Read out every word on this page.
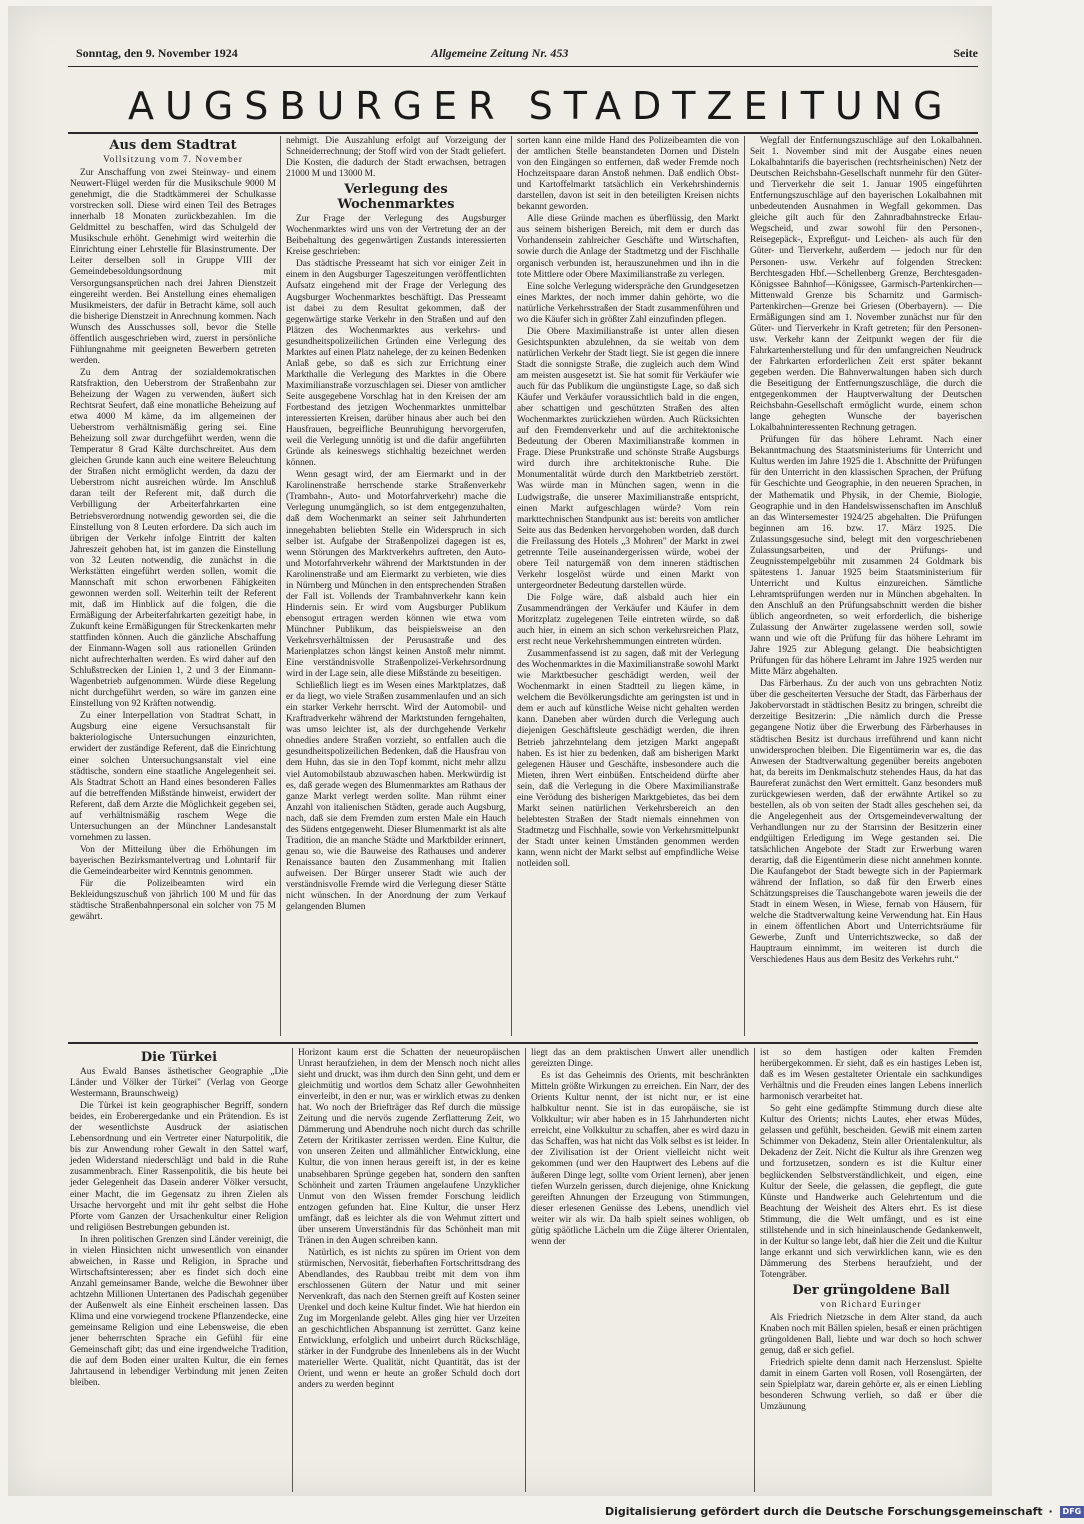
Sonntag, den 9. November 1924	Allgemeine Zeitung Nr. 453	Seite
AUGSBURGER STADTZEITUNG
Aus dem Stadtrat
Vollsitzung vom 7. November

Zur Anschaffung von zwei Steinway- und einem Neuwert-Flügel werden für die Musikschule 9000 M genehmigt, die die Stadtkämmerei der Schulkasse vorstrecken soll. Diese wird einen Teil des Betrages innerhalb 18 Monaten zurückbezahlen. Im die Geldmittel zu beschaffen, wird das Schulgeld der Musikschule erhöht. Genehmigt wird weiterhin die Einrichtung einer Lehrstelle für Blasinstrumente. Der Leiter derselben soll in Gruppe VIII der Gemeindebesoldungsordnung mit Versorgungsansprüchen nach drei Jahren Dienstzeit eingereiht werden. Bei Anstellung eines ehemaligen Musikmeisters, der dafür in Betracht käme, soll auch die bisherige Dienstzeit in Anrechnung kommen. Nach Wunsch des Ausschusses soll, bevor die Stelle öffentlich ausgeschrieben wird, zuerst in persönliche Fühlungnahme mit geeigneten Bewerbern getreten werden.

Zu dem Antrag der sozialdemokratischen Ratsfraktion, den Ueberstrom der Straßenbahn zur Beheizung der Wagen zu verwenden, äußert sich Rechtsrat Seufert, daß eine monatliche Beheizung auf etwa 4000 M käme, da im allgemeinen der Ueberstrom verhältnismäßig gering sei. Eine Beheizung soll zwar durchgeführt werden, wenn die Temperatur 8 Grad Kälte durchschreitet. Aus dem gleichen Grunde kann auch eine weitere Beleuchtung der Straßen nicht ermöglicht werden, da dazu der Ueberstrom nicht ausreichen würde. Im Anschluß daran teilt der Referent mit, daß durch die Verbilligung der Arbeiterfahrkarten eine Betriebsverordnung notwendig geworden sei, die die Einstellung von 8 Leuten erfordere. Da sich auch im übrigen der Verkehr infolge Eintritt der kalten Jahreszeit gehoben hat, ist im ganzen die Einstellung von 32 Leuten notwendig, die zunächst in die Werkstätten eingeführt werden sollen, womit die Mannschaft mit schon erworbenen Fähigkeiten gewonnen werden soll. Weiterhin teilt der Referent mit, daß im Hinblick auf die folgen, die die Ermäßigung der Arbeiterfahrkarten gezeitigt habe, in Zukunft keine Ermäßigungen für Streckenkarten mehr stattfinden können. Auch die gänzliche Abschaffung der Einmann-Wagen soll aus rationellen Gründen nicht aufrechterhalten werden. Es wird daher auf den Schlußstrecken der Linien 1, 2 und 3 der Einmann-Wagenbetrieb aufgenommen. Würde diese Regelung nicht durchgeführt werden, so wäre im ganzen eine Einstellung von 92 Kräften notwendig.

Zu einer Interpellation von Stadtrat Schatt, in Augsburg eine eigene Versuchsanstalt für bakteriologische Untersuchungen einzurichten, erwidert der zuständige Referent, daß die Einrichtung einer solchen Untersuchungsanstalt viel eine städtische, sondern eine staatliche Angelegenheit sei. Als Stadtrat Schott an Hand eines besonderen Falles auf die betreffenden Mißstände hinweist, erwidert der Referent, daß dem Arzte die Möglichkeit gegeben sei, auf verhältnismäßig raschem Wege die Untersuchungen an der Münchner Landesanstalt vornehmen zu lassen.

Von der Mitteilung über die Erhöhungen im bayerischen Bezirksmantelvertrag und Lohntarif für die Gemeindearbeiter wird Kenntnis genommen.

Für die Polizeibeamten wird ein Bekleidungszuschuß von jährlich 100 M und für das städtische Straßenbahnpersonal ein solcher von 75 M gewährt.

nehmigt. Die Auszahlung erfolgt auf Vorzeigung der Schneiderrechnung; der Stoff wird von der Stadt geliefert. Die Kosten, die dadurch der Stadt erwachsen, betragen 21000 M und 13000 M.

Verlegung des Wochenmarktes

Zur Frage der Verlegung des Augsburger Wochenmarktes wird uns von der Vertretung der an der Beibehaltung des gegenwärtigen Zustands interessierten Kreise geschrieben:

Das städtische Presseamt hat sich vor einiger Zeit in einem in den Augsburger Tageszeitungen veröffentlichten Aufsatz eingehend mit der Frage der Verlegung des Augsburger Wochenmarktes beschäftigt. Das Presseamt ist dabei zu dem Resultat gekommen, daß der gegenwärtige starke Verkehr in den Straßen und auf den Plätzen des Wochenmarktes aus verkehrs- und gesundheitspolizeilichen Gründen eine Verlegung des Marktes auf einen Platz nahelege, der zu keinen Bedenken Anlaß gebe, so daß es sich zur Errichtung einer Markthalle die Verlegung des Marktes in die Obere Maximilianstraße vorzuschlagen sei. Dieser von amtlicher Seite ausgegebene Vorschlag hat in den Kreisen der am Fortbestand des jetzigen Wochenmarktes unmittelbar interessierten Kreisen, darüber hinaus aber auch bei den Hausfrauen, begreifliche Beunruhigung hervorgerufen, weil die Verlegung unnötig ist und die dafür angeführten Gründe als keineswegs stichhaltig bezeichnet werden können.

Wenn gesagt wird, der am Eiermarkt und in der Karolinenstraße herrschende starke Straßenverkehr (Trambahn-, Auto- und Motorfahrverkehr) mache die Verlegung unumgänglich, so ist dem entgegenzuhalten, daß dem Wochenmarkt an seiner seit Jahrhunderten innegehabten beliebten Stelle ein Widerspruch in sich selber ist. Aufgabe der Straßenpolizei dagegen ist es, wenn Störungen des Marktverkehrs auftreten, den Auto- und Motorfahrverkehr während der Marktstunden in der Karolinenstraße und am Eiermarkt zu verbieten, wie dies in Nürnberg und München in den entsprechenden Straßen der Fall ist. Vollends der Trambahnverkehr kann kein Hindernis sein. Er wird vom Augsburger Publikum ebensogut ertragen werden können wie etwa vom Münchner Publikum, das beispielsweise an den Verkehrsverhältnissen der Perusastraße und des Marienplatzes schon längst keinen Anstoß mehr nimmt. Eine verständnisvolle Straßenpolizei-Verkehrsordnung wird in der Lage sein, alle diese Mißstände zu beseitigen.

Schließlich liegt es im Wesen eines Marktplatzes, daß er da liegt, wo viele Straßen zusammenlaufen und an sich ein starker Verkehr herrscht. Wird der Automobil- und Kraftradverkehr während der Marktstunden ferngehalten, was umso leichter ist, als der durchgehende Verkehr ohnedies andere Straßen vorzieht, so entfallen auch die gesundheitspolizeilichen Bedenken, daß die Hausfrau von dem Huhn, das sie in den Topf kommt, nicht mehr allzu viel Automobilstaub abzuwaschen haben. Merkwürdig ist es, daß gerade wegen des Blumenmarktes am Rathaus der ganze Markt verlegt werden sollte. Man rühmt einer Anzahl von italienischen Städten, gerade auch Augsburg, nach, daß sie dem Fremden zum ersten Male ein Hauch des Südens entgegenweht. Dieser Blumenmarkt ist als alte Tradition, die an manche Städte und Marktbilder erinnert, genau so, wie die Bauweise des Rathauses und anderer Renaissance bauten den Zusammenhang mit Italien aufweisen. Der Bürger unserer Stadt wie auch der verständnisvolle Fremde wird die Verlegung dieser Stätte nicht wünschen. In der Anordnung der zum Verkauf gelangenden Blumen

sorten kann eine milde Hand des Polizeibeamten die von der amtlichen Stelle beanstandeten Dornen und Disteln von den Eingängen so entfernen, daß weder Fremde noch Hochzeitspaare daran Anstoß nehmen. Daß endlich Obst- und Kartoffelmarkt tatsächlich ein Verkehrshindernis darstellen, davon ist seit in den beteiligten Kreisen nichts bekannt geworden.

Alle diese Gründe machen es überflüssig, den Markt aus seinem bisherigen Bereich, mit dem er durch das Vorhandensein zahlreicher Geschäfte und Wirtschaften, sowie durch die Anlage der Stadtmetzg und der Fischhalle organisch verbunden ist, herauszunehmen und ihn in die tote Mittlere oder Obere Maximilianstraße zu verlegen.

Eine solche Verlegung widerspräche den Grundgesetzen eines Marktes, der noch immer dahin gehörte, wo die natürliche Verkehrsstraßen der Stadt zusammenführen und wo die Käufer sich in größter Zahl einzufinden pflegen.

Die Obere Maximilianstraße ist unter allen diesen Gesichtspunkten abzulehnen, da sie weitab von dem natürlichen Verkehr der Stadt liegt. Sie ist gegen die innere Stadt die sonnigste Straße, die zugleich auch dem Wind am meisten ausgesetzt ist. Sie hat somit für Verkäufer wie auch für das Publikum die ungünstigste Lage, so daß sich Käufer und Verkäufer voraussichtlich bald in die engen, aber schattigen und geschützten Straßen des alten Wochenmarktes zurückziehen würden. Auch Rücksichten auf den Fremdenverkehr und auf die architektonische Bedeutung der Oberen Maximilianstraße kommen in Frage. Diese Prunkstraße und schönste Straße Augsburgs wird durch ihre architektonische Ruhe. Die Monumentalität würde durch den Marktbetrieb zerstört. Was würde man in München sagen, wenn in die Ludwigstraße, die unserer Maximilianstraße entspricht, einen Markt aufgeschlagen würde? Vom rein markttechnischen Standpunkt aus ist: bereits von amtlicher Seite aus das Bedenken hervorgehoben worden, daß durch die Freilassung des Hotels „3 Mohren" der Markt in zwei getrennte Teile auseinandergerissen würde, wobei der obere Teil naturgemäß von dem inneren städtischen Verkehr losgelöst würde und einen Markt von untergeordneter Bedeutung darstellen würde.

Die Folge wäre, daß alsbald auch hier ein Zusammendrängen der Verkäufer und Käufer in dem Moritzplatz zugelegenen Teile eintreten würde, so daß auch hier, in einem an sich schon verkehrsreichen Platz, erst recht neue Verkehrshemmungen eintreten würden.

Zusammenfassend ist zu sagen, daß mit der Verlegung des Wochenmarktes in die Maximilianstraße sowohl Markt wie Marktbesucher geschädigt werden, weil der Wochenmarkt in einen Stadtteil zu liegen käme, in welchem die Bevölkerungsdichte am geringsten ist und in dem er auch auf künstliche Weise nicht gehalten werden kann. Daneben aber würden durch die Verlegung auch diejenigen Geschäftsleute geschädigt werden, die ihren Betrieb jahrzehntelang dem jetzigen Markt angepaßt haben. Es ist hier zu bedenken, daß am bisherigen Markt gelegenen Häuser und Geschäfte, insbesondere auch die Mieten, ihren Wert einbüßen. Entscheidend dürfte aber sein, daß die Verlegung in die Obere Maximilianstraße eine Verödung des bisherigen Marktgebietes, das bei dem Markt seinen natürlichen Verkehrsbereich an den belebtesten Straßen der Stadt niemals einnehmen von Stadtmetzg und Fischhalle, sowie von Verkehrsmittelpunkt der Stadt unter keinen Umständen genommen werden kann, wenn nicht der Markt selbst auf empfindliche Weise notleiden soll.

Wegfall der Entfernungszuschläge auf den Lokalbahnen. Seit 1. November sind mit der Ausgabe eines neuen Lokalbahntarifs die bayerischen (rechtsrheinischen) Netz der Deutschen Reichsbahn-Gesellschaft nunmehr für den Güter- und Tierverkehr die seit 1. Januar 1905 eingeführten Entfernungszuschläge auf den bayerischen Lokalbahnen mit unbedeutenden Ausnahmen in Wegfall gekommen. Das gleiche gilt auch für den Zahnradbahnstrecke Erlau-Wegscheid, und zwar sowohl für den Personen-, Reisegepäck-, Expreßgut- und Leichen- als auch für den Güter- und Tierverkehr, außerdem — jedoch nur für den Personen- usw. Verkehr auf folgenden Strecken: Berchtesgaden Hbf.—Schellenberg Grenze, Berchtesgaden-Königssee Bahnhof—Königssee, Garmisch-Partenkirchen—Mittenwald Grenze bis Scharnitz und Garmisch-Partenkirchen—Grenze bei Griesen (Oberbayern). — Die Ermäßigungen sind am 1. November zunächst nur für den Güter- und Tierverkehr in Kraft getreten; für den Personen- usw. Verkehr kann der Zeitpunkt wegen der für die Fahrkartenherstellung und für den umfangreichen Neudruck der Fahrkarten erforderlichen Zeit erst später bekannt gegeben werden. Die Bahnverwaltungen haben sich durch die Beseitigung der Entfernungszuschläge, die durch die entgegenkommen der Hauptverwaltung der Deutschen Reichsbahn-Gesellschaft ermöglicht wurde, einem schon lange gehegten Wunsche der bayerischen Lokalbahninteressenten Rechnung getragen.

Prüfungen für das höhere Lehramt. Nach einer Bekanntmachung des Staatsministeriums für Unterricht und Kultus werden im Jahre 1925 die 1. Abschnitte der Prüfungen für den Unterricht in den klassischen Sprachen, der Prüfung für Geschichte und Geographie, in den neueren Sprachen, in der Mathematik und Physik, in der Chemie, Biologie, Geographie und in den Handelswissenschaften im Anschluß an das Wintersemester 1924/25 abgehalten. Die Prüfungen beginnen am 16. bzw. 17. März 1925. Die Zulassungsgesuche sind, belegt mit den vorgeschriebenen Zulassungsarbeiten, und der Prüfungs- und Zeugnisstempelgebühr mit zusammen 24 Goldmark bis spätestens 1. Januar 1925 beim Staatsministerium für Unterricht und Kultus einzureichen. Sämtliche Lehramtsprüfungen werden nur in München abgehalten. In den Anschluß an den Prüfungsabschnitt werden die bisher üblich angeordneten, so weit erforderlich, die bisherige Zulassung der Anwärter zugelassene werden soll, sowie wann und wie oft die Prüfung für das höhere Lehramt im Jahre 1925 zur Ablegung gelangt. Die beabsichtigten Prüfungen für das höhere Lehramt im Jahre 1925 werden nur Mitte März abgehalten.

Das Färberhaus. Zu der auch von uns gebrachten Notiz über die gescheiterten Versuche der Stadt, das Färberhaus der Jakobervorstadt in städtischen Besitz zu bringen, schreibt die derzeitige Besitzerin: „Die nämlich durch die Presse gegangene Notiz über die Erwerbung des Färberhauses in städtischen Besitz ist durchaus irreführend und kann nicht unwidersprochen bleiben. Die Eigentümerin war es, die das Anwesen der Stadtverwaltung gegenüber bereits angeboten hat, da bereits im Denkmalschutz stehendes Haus, da hat das Baureferat zunächst den Wert ermittelt. Ganz besonders muß zurückgewiesen werden, daß der erwähnte Artikel so zu bestellen, als ob von seiten der Stadt alles geschehen sei, da die Angelegenheit aus der Ortsgemeindeverwaltung der Verhandlungen nur zu der Starrsinn der Besitzerin einer endgültigen Erledigung im Wege gestanden sei. Die tatsächlichen Angebote der Stadt zur Erwerbung waren derartig, daß die Eigentümerin diese nicht annehmen konnte. Die Kaufangebot der Stadt bewegte sich in der Papiermark während der Inflation, so daß für den Erwerb eines Schätzungspreises die Tauschangebote waren jeweils die der Stadt in einem Wesen, in Wiese, fernab von Häusern, für welche die Stadtverwaltung keine Verwendung hat. Ein Haus in einem öffentlichen Abort und Unterrichtsräume für Gewerbe, Zunft und Unterrichtszwecke, so daß der Hauptraum einnimmt, im weiteren ist durch die Verschiedenes Haus aus dem Besitz des Verkehrs ruht.“

Die Türkei

Aus Ewald Banses ästhetischer Geographie „Die Länder und Völker der Türkei" (Verlag von George Westermann, Braunschweig)

Die Türkei ist kein geographischer Begriff, sondern beides, ein Eroberergedanke und ein Prätendion. Es ist der wesentlichste Ausdruck der asiatischen Lebensordnung und ein Vertreter einer Naturpolitik, die bis zur Anwendung roher Gewalt in den Sattel warf, jeden Widerstand niederschlägt und bald in die Ruhe zusammenbrach. Einer Rassenpolitik, die bis heute bei jeder Gelegenheit das Dasein anderer Völker versucht, einer Macht, die im Gegensatz zu ihren Zielen als Ursache hervorgeht und mit ihr geht selbst die Hohe Pforte vom Ganzen der Ursachenkultur einer Religion und religiösen Bestrebungen gebunden ist.

In ihren politischen Grenzen sind Länder vereinigt, die in vielen Hinsichten nicht unwesentlich von einander abweichen, in Rasse und Religion, in Sprache und Wirtschaftsinteressen; aber es findet sich doch eine Anzahl gemeinsamer Bande, welche die Bewohner über achtzehn Millionen Untertanen des Padischah gegenüber der Außenwelt als eine Einheit erscheinen lassen. Das Klima und eine vorwiegend trockene Pflanzendecke, eine gemeinsame Religion und eine Lebensweise, die eben jener beherrschten Sprache ein Gefühl für eine Gemeinschaft gibt; das und eine irgendwelche Tradition, die auf dem Boden einer uralten Kultur, die ein fernes Jahrtausend in lebendiger Verbindung mit jenen Zeiten bleiben.

Horizont kaum erst die Schatten der neueuropäischen Unrast heraufziehen, in dem der Mensch noch nicht alles sieht und druckt, was ihm durch den Sinn geht, und dem er gleichmütig und wortlos dem Schatz aller Gewohnheiten einverleibt, in den er nur, was er wirklich etwas zu denken hat. Wo noch der Briefträger das Ref durch die müssige Zeitung und die nervös zugende Zerflatterung Zeit, wo Dämmerung und Abendruhe noch nicht durch das schrille Zetern der Kritikaster zerrissen werden. Eine Kultur, die von unseren Zeiten und allmählicher Entwicklung, eine Kultur, die von innen heraus gereift ist, in der es keine unabsehbaren Sprünge gegeben hat, sondern den sanften Schönheit und zarten Träumen angelaufene Unzyklicher Unmut von den Wissen fremder Forschung leidlich entzogen gefunden hat. Eine Kultur, die unser Herz umfängt, daß es leichter als die von Wehmut zittert und über unserem Unverständnis für das Schönheit man mit Tränen in den Augen schreiben kann.

Natürlich, es ist nichts zu spüren im Orient von dem stürmischen, Nervosität, fieberhaften Fortschrittsdrang des Abendlandes, des Raubbau treibt mit dem von ihm erschlossenen Gütern der Natur und mit seiner Nervenkraft, das nach den Sternen greift auf Kosten seiner Urenkel und doch keine Kultur findet. Wie hat hierdon ein Zug im Morgenlande gelebt. Alles ging hier ver Urzeiten an geschichtlichen Abspannung ist zerrüttet. Ganz keine Entwicklung, erfolglich und unbeirrt durch Rückschläge, stärker in der Fundgrube des Innenlebens als in der Wucht materieller Werte. Qualität, nicht Quantität, das ist der Orient, und wenn er heute an großer Schuld doch dort anders zu werden beginnt

liegt das an dem praktischen Unwert aller unendlich gereizten Dinge.

Es ist das Geheimnis des Orients, mit beschränkten Mitteln größte Wirkungen zu erreichen. Ein Narr, der des Orients Kultur nennt, der ist nicht nur, er ist eine halbkultur nennt. Sie ist in das europäische, sie ist Volkkultur; wir aber haben es in 15 Jahrhunderten nicht erreicht, eine Volkkultur zu schaffen, aber es wird dazu in das Schaffen, was hat nicht das Volk selbst es ist leider. In der Zivilisation ist der Orient vielleicht nicht weit gekommen (und wer den Hauptwert des Lebens auf die äußeren Dinge legt, sollte vom Orient lernen), aber jenen tiefen Wurzeln gerissen, durch diejenige, ohne Knickung gereiften Ahnungen der Erzeugung von Stimmungen, dieser erlesenen Genüsse des Lebens, unendlich viel weiter wir als wir. Da halb spielt seines wohligen, ob gütig späötliche Lächeln um die Züge älterer Orientalen, wenn der

ist so dem hastigen oder kalten Fremden herübergekommen. Er sieht, daß es ein hastiges Leben ist, daß es im Wesen gestalteter Orientale ein sachkundiges Verhältnis und die Freuden eines langen Lebens innerlich harmonisch verarbeitet hat.

So geht eine gedämpfte Stimmung durch diese alte Kultur des Orients; nichts Lautes, eher etwas Müdes, gelassen und gefühlt, bescheiden. Gewiß mit einem zarten Schimmer von Dekadenz, Stein aller Orientalenkultur, als Dekadenz der Zeit. Nicht die Kultur als ihre Grenzen weg und fortzusetzen, sondern es ist die Kultur einer beglückenden Selbstverständlichkeit, und eigen, eine Kultur der Seele, die gelassen, die gepflegt, die gute Künste und Handwerke auch Gelehrtentum und die Beachtung der Weisheit des Alters ehrt. Es ist diese Stimmung, die die Welt umfängt, und es ist eine stillstehende und in sich hineinlauschende Gedankenwelt, in der Kultur so lange lebt, daß hier die Zeit und die Kultur lange erkannt und sich verwirklichen kann, wie es den Dämmerung des Sterbens heraufzieht, und der Totengräber.

Der grüngoldene Ball
von Richard Euringer

Als Friedrich Nietzsche in dem Alter stand, da auch Knaben noch mit Bällen spielen, besaß er einen prächtigen grüngoldenen Ball, liebte und war doch so hoch schwer genug, daß er sich gefiel.

Friedrich spielte denn damit nach Herzenslust. Spielte damit in einem Garten voll Rosen, voll Rosengärten, der sein Spielplatz war, darein gehörte er, als er einen Liebling besonderen Schwung verlieh, so daß er über die Umzäunung

Digitalisierung gefördert durch die Deutsche Forschungsgemeinschaft · DFG
